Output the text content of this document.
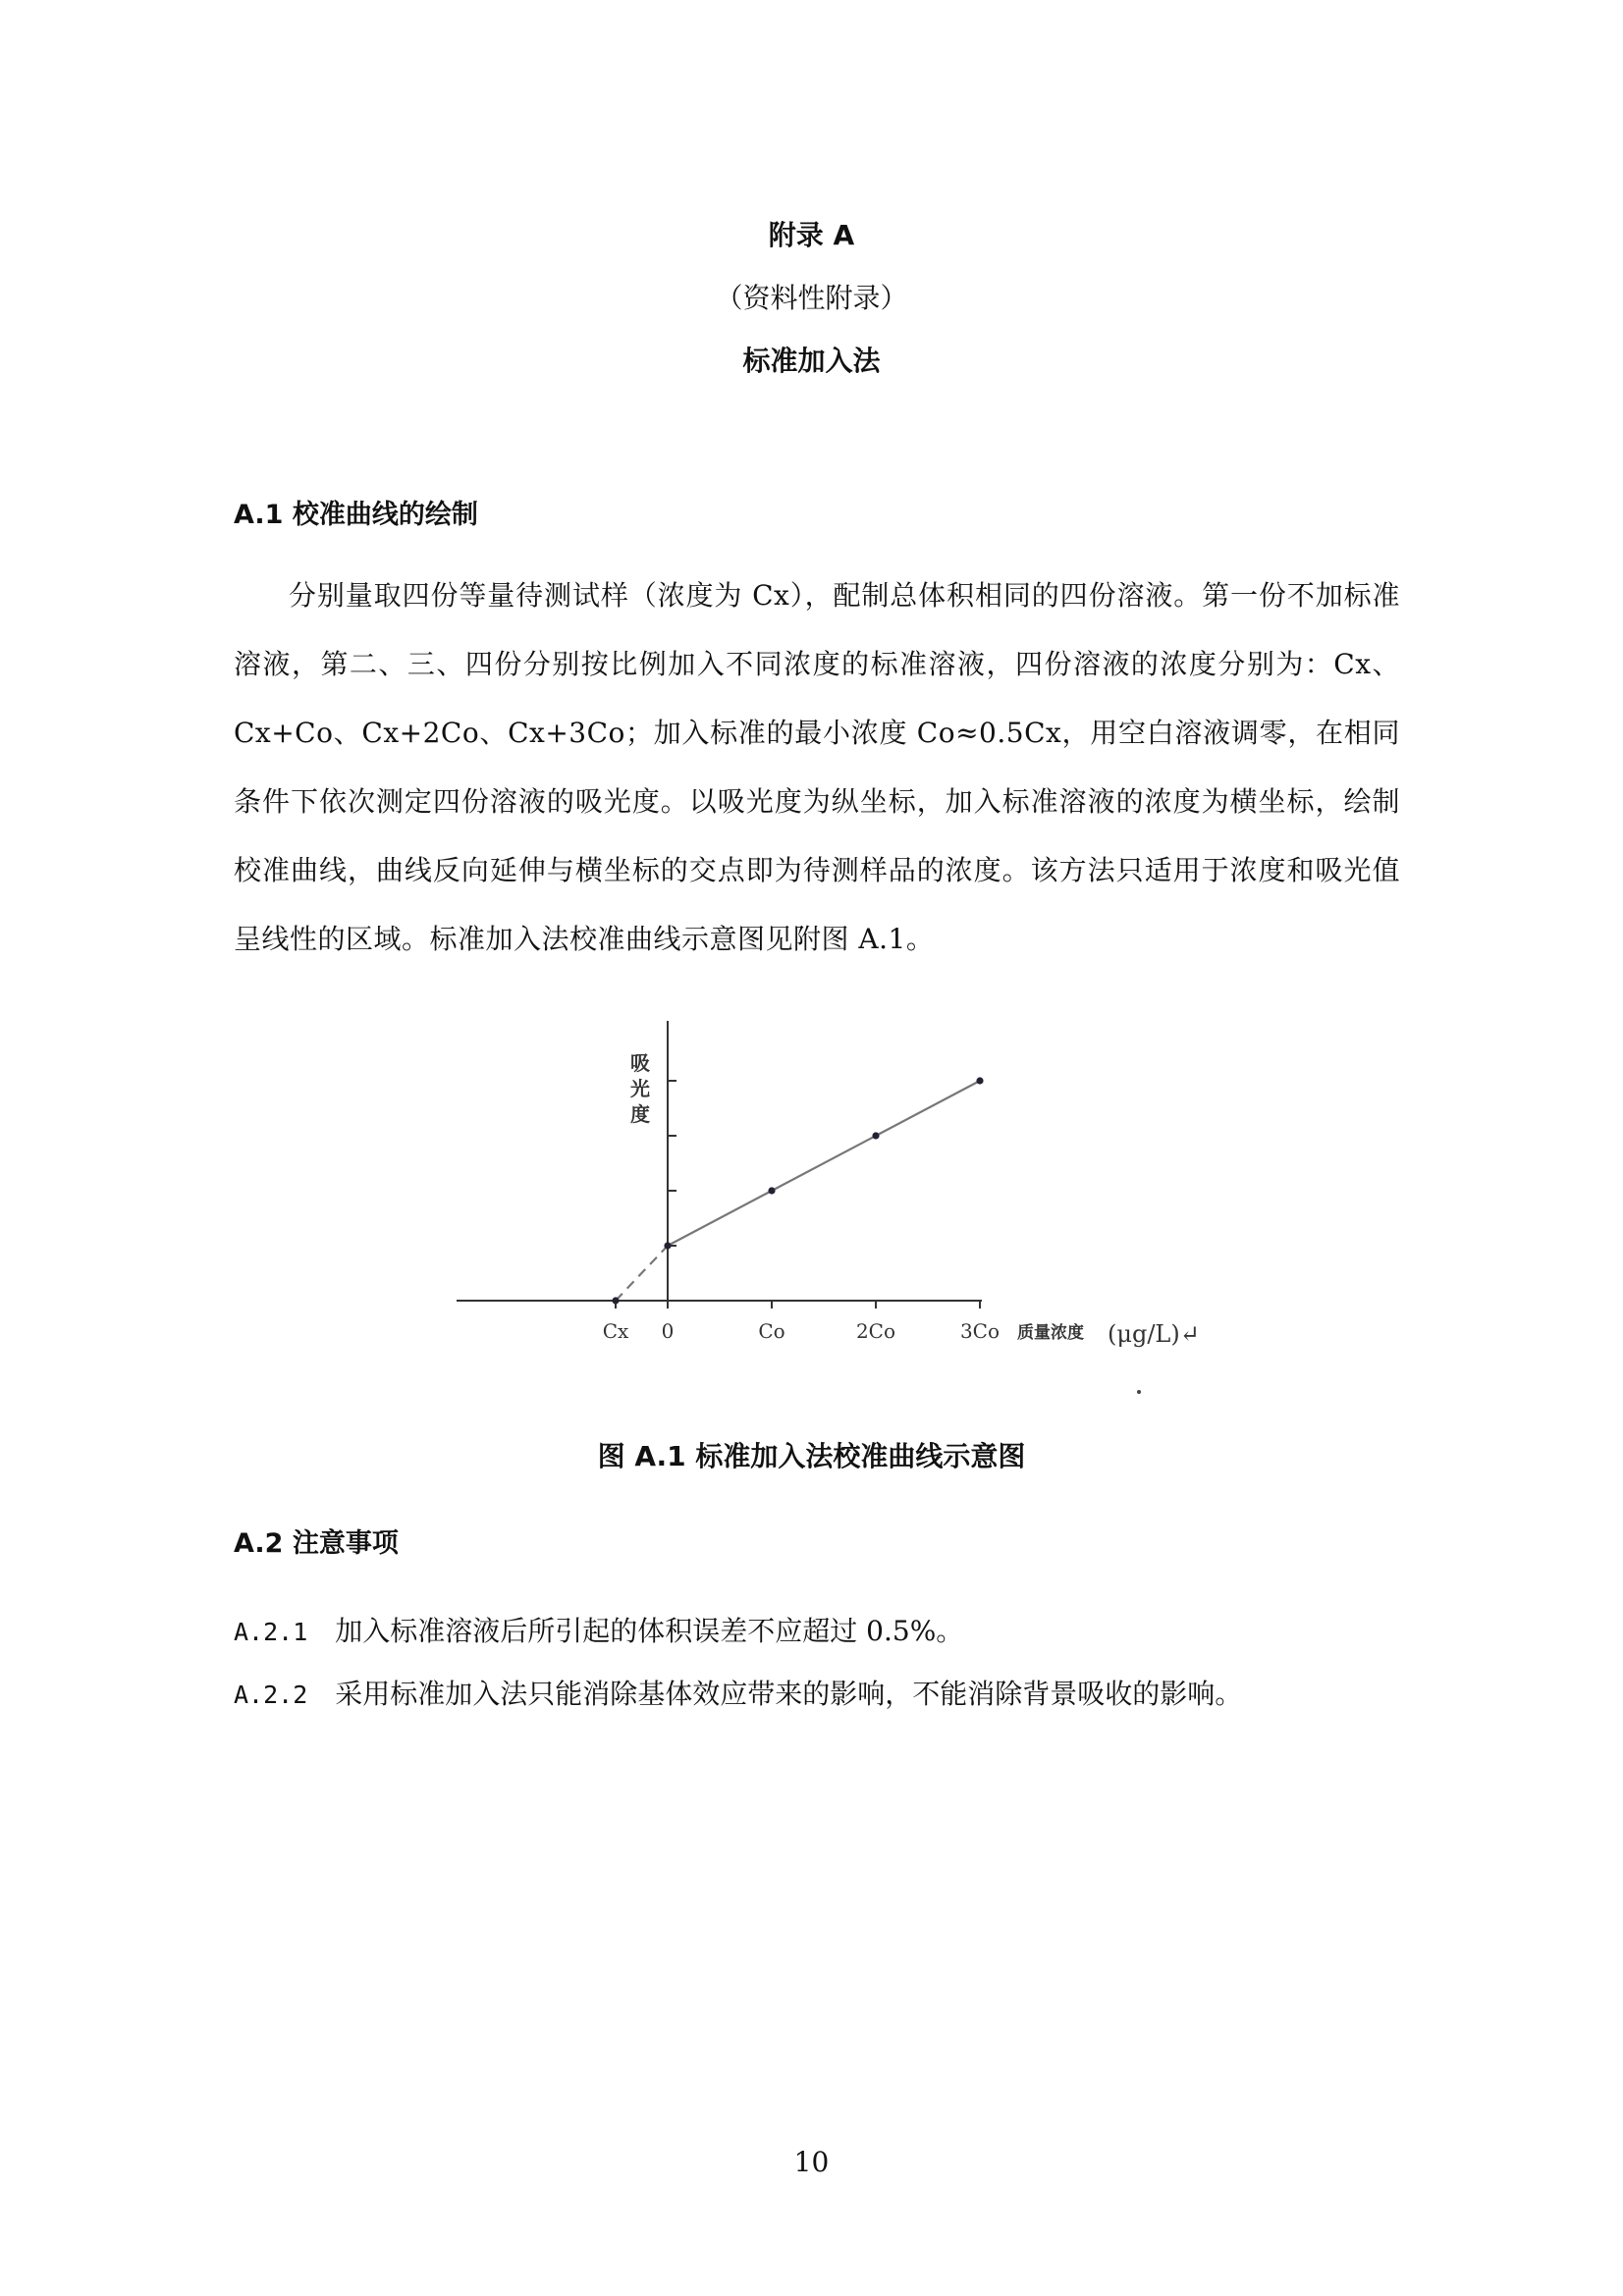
附录 A
（资料性附录）
标准加入法
A.1 校准曲线的绘制
分别量取四份等量待测试样（浓度为 Cx），配制总体积相同的四份溶液。第一份不加标准溶液，第二、三、四份分别按比例加入不同浓度的标准溶液，四份溶液的浓度分别为：Cx、Cx+Co、Cx+2Co、Cx+3Co；加入标准的最小浓度 Co≈0.5Cx，用空白溶液调零，在相同条件下依次测定四份溶液的吸光度。以吸光度为纵坐标，加入标准溶液的浓度为横坐标，绘制校准曲线，曲线反向延伸与横坐标的交点即为待测样品的浓度。该方法只适用于浓度和吸光值呈线性的区域。标准加入法校准曲线示意图见附图 A.1。
Cx 0	Co	2Co	3Co
吸
光
度
质量浓度 (μg/L)↵
图 A.1 标准加入法校准曲线示意图
A.2 注意事项
A.2.1 加入标准溶液后所引起的体积误差不应超过 0.5%。
A.2.2 采用标准加入法只能消除基体效应带来的影响，不能消除背景吸收的影响。
10
